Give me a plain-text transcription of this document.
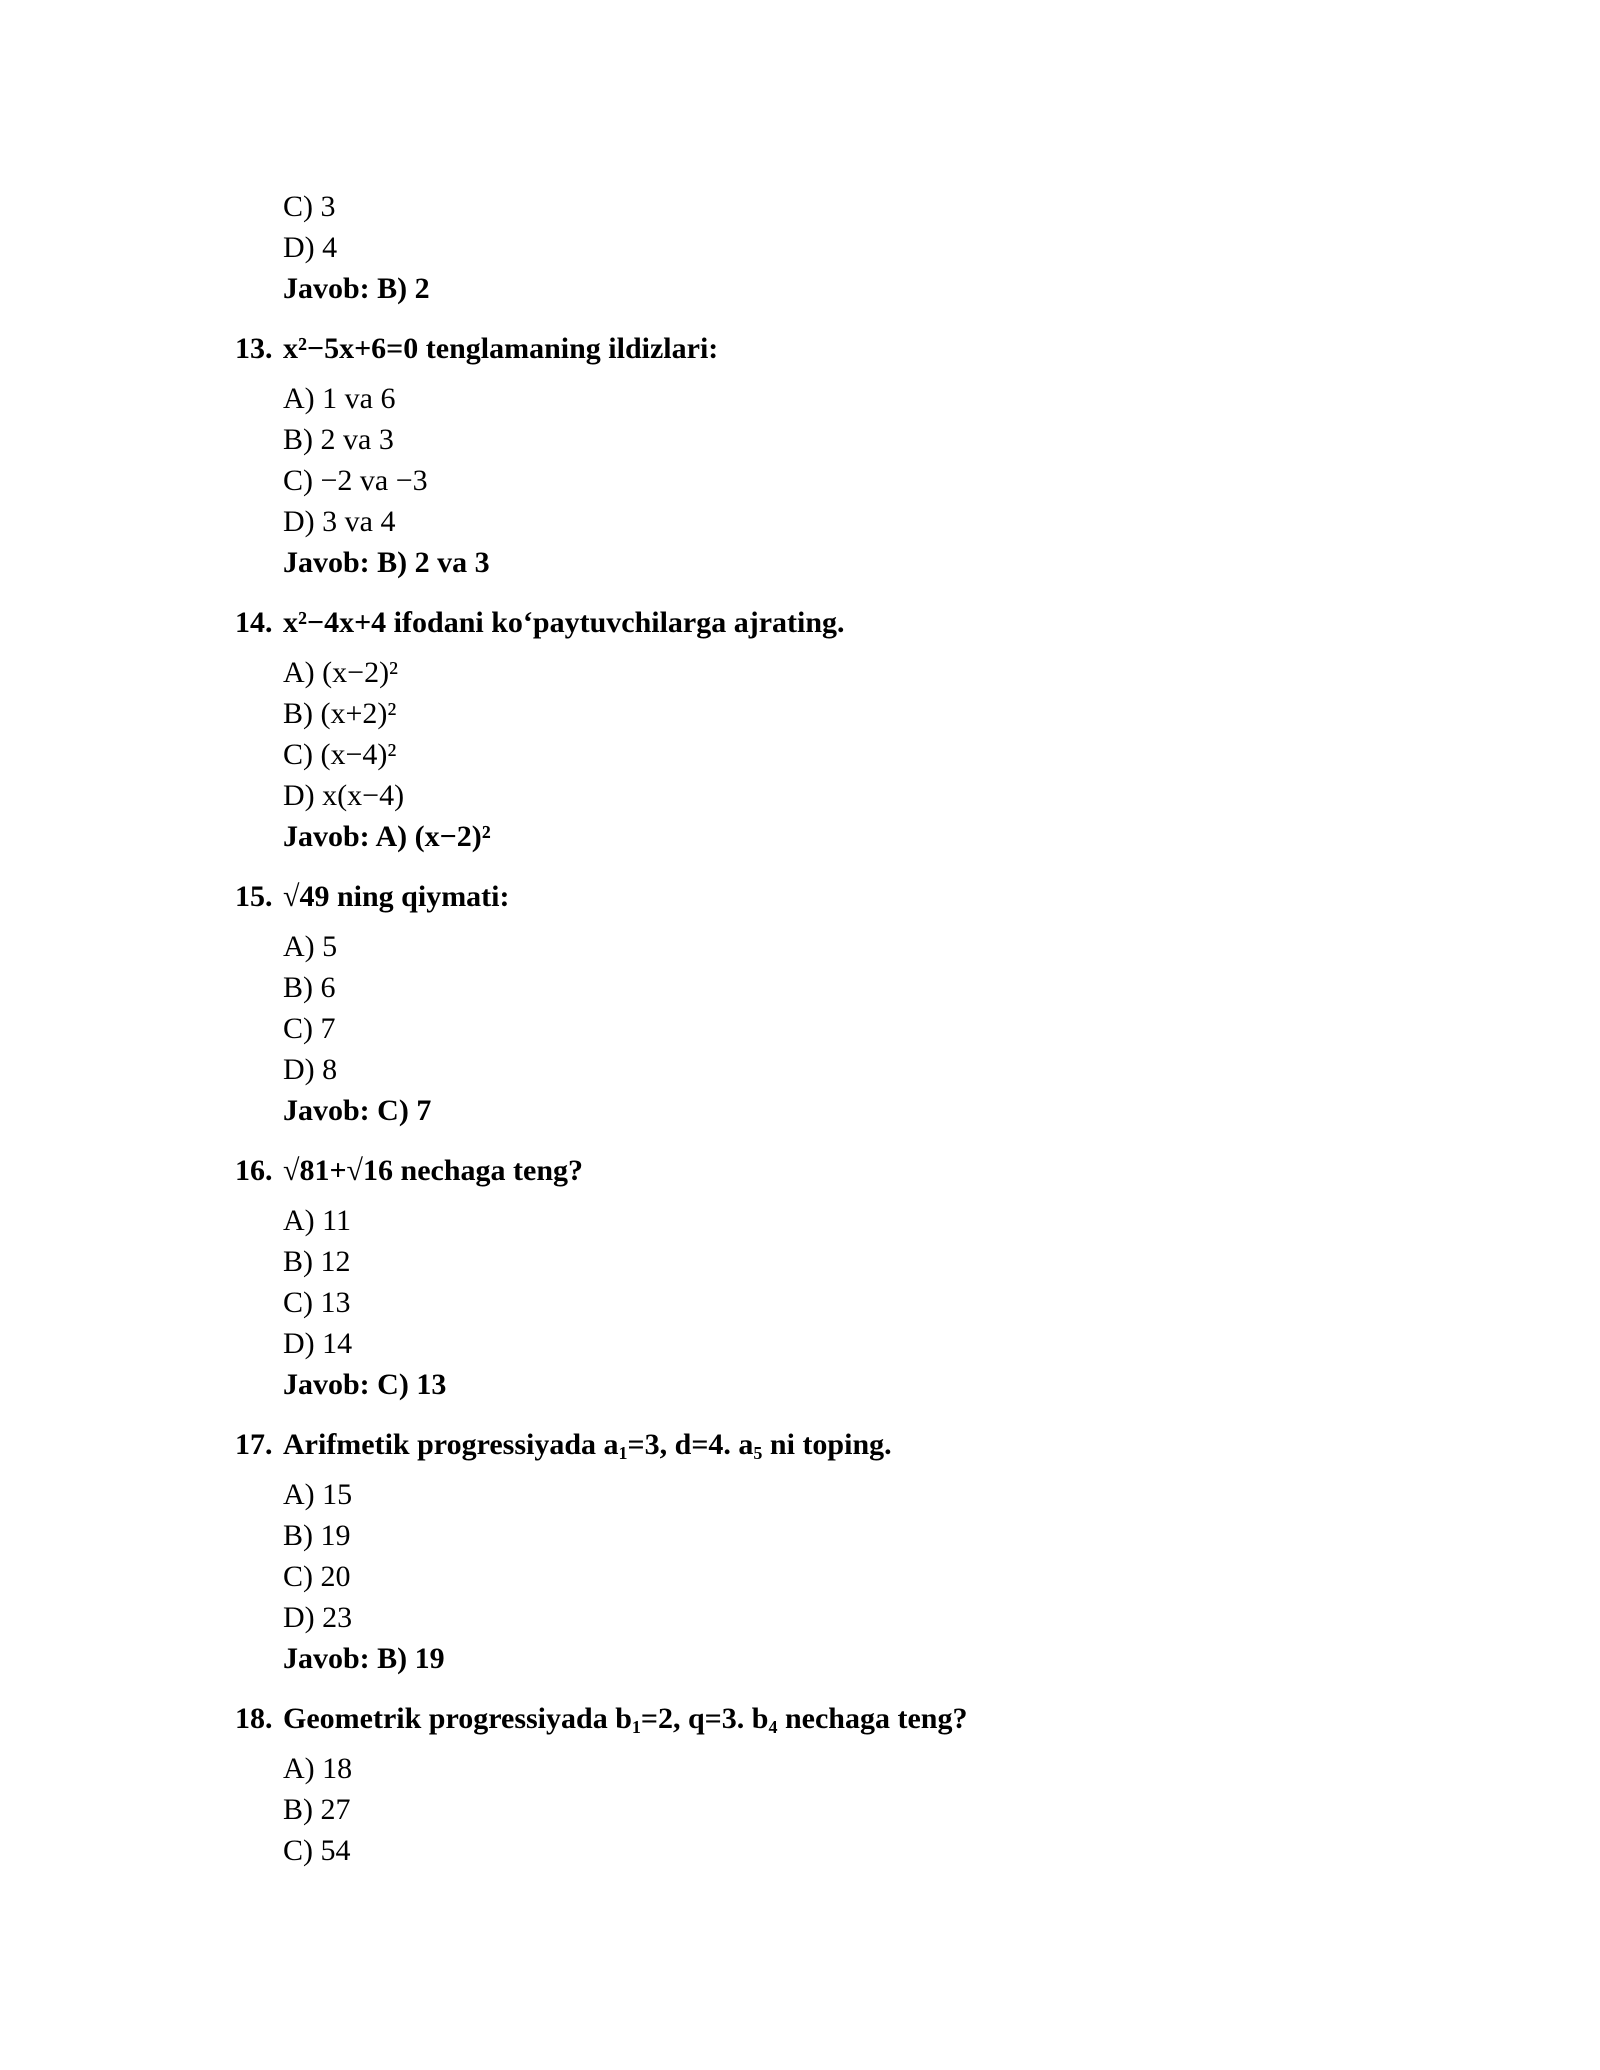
C) 3
D) 4
Javob: B) 2
13. x²−5x+6=0 tenglamaning ildizlari:
A) 1 va 6
B) 2 va 3
C) −2 va −3
D) 3 va 4
Javob: B) 2 va 3
14. x²−4x+4 ifodani ko‘paytuvchilarga ajrating.
A) (x−2)²
B) (x+2)²
C) (x−4)²
D) x(x−4)
Javob: A) (x−2)²
15. √49 ning qiymati:
A) 5
B) 6
C) 7
D) 8
Javob: C) 7
16. √81+√16 nechaga teng?
A) 11
B) 12
C) 13
D) 14
Javob: C) 13
17. Arifmetik progressiyada $a_1=3$, d=4. $a_5$ ni toping.
A) 15
B) 19
C) 20
D) 23
Javob: B) 19
18. Geometrik progressiyada $b_1=2$, q=3. $b_4$ nechaga teng?
A) 18
B) 27
C) 54
